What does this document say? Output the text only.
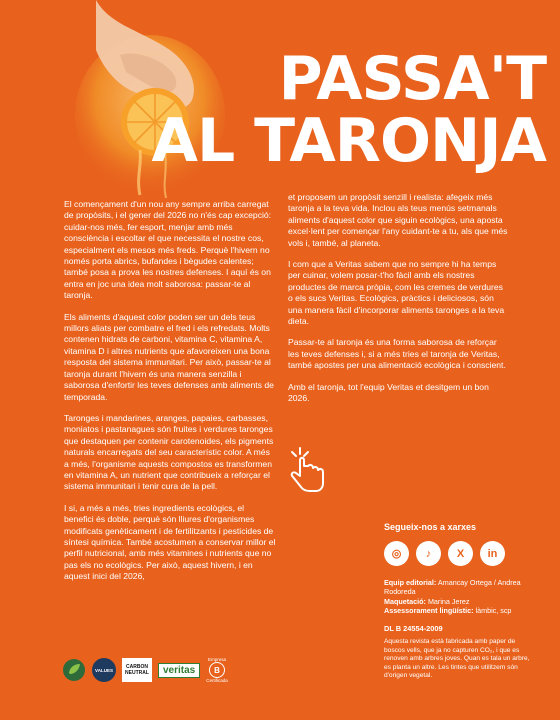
PASSA'T
AL TARONJA

El començament d'un nou any sempre arriba carregat de propòsits, i el gener del 2026 no n'és cap excepció: cuidar-nos més, fer esport, menjar amb més consciència i escoltar el que necessita el nostre cos, especialment els mesos més freds. Perquè l'hivern no només porta abrics, bufandes i bègudes calentes; també posa a prova les nostres defenses. I aquí és on entra en joc una idea molt saborosa: passar-te al taronja.

Els aliments d'aquest color poden ser un dels teus millors aliats per combatre el fred i els refredats. Molts contenen hidrats de carboni, vitamina C, vitamina A, vitamina D i altres nutrients que afavoreixen una bona resposta del sistema immunitari. Per això, passar-te al taronja durant l'hivern és una manera senzilla i saborosa d'enfortir les teves defenses amb aliments de temporada.

Taronges i mandarines, aranges, papaies, carbasses, moniatos i pastanagues són fruites i verdures taronges que destaquen per contenir carotenoides, els pigments naturals encarregats del seu característic color. A més a més, l'organisme aquests compostos es transformen en vitamina A, un nutrient que contribueix a reforçar el sistema immunitari i tenir cura de la pell.

I si, a més a més, tries ingredients ecològics, el benefici és doble, perquè són lliures d'organismes modificats genèticament i de fertilitzants i pesticides de síntesi química. També acostumen a conservar millor el perfil nutricional, amb més vitamines i nutrients que no pas els no ecològics. Per això, aquest hivern, i en aquest inici del 2026,

et proposem un propòsit senzill i realista: afegeix més taronja a la teva vida. Inclou als teus menús setmanals aliments d'aquest color que siguin ecològics, una aposta excel·lent per començar l'any cuidant-te a tu, als que més vols i, també, al planeta.

I com que a Veritas sabem que no sempre hi ha temps per cuinar, volem posar-t'ho fàcil amb els nostres productes de marca pròpia, com les cremes de verdures o els sucs Veritas. Ecològics, pràctics i deliciosos, són una manera fàcil d'incorporar aliments taronges a la teva dieta.

Passar-te al taronja és una forma saborosa de reforçar les teves defenses i, si a més tries el taronja de Veritas, també apostes per una alimentació ecològica i conscient.

Amb el taronja, tot l'equip Veritas et desitgem un bon 2026.

Segueix-nos a xarxes
◎	♪	X	in
Equip editorial: Amancay Ortega / Andrea Rodoreda
Maquetació: Marina Jerez
Assessorament lingüístic: làmbic, scp
DL B 24554-2009
Aquesta revista està fabricada amb paper de boscos vells, que ja no capturen CO₂, i que es renoven amb arbres joves. Quan es tala un arbre, es planta un altre. Les tintes que utilitzem són d'origen vegetal.
VALUES	CARBON NEUTRAL	veritas
Empresa
B
Certificada
